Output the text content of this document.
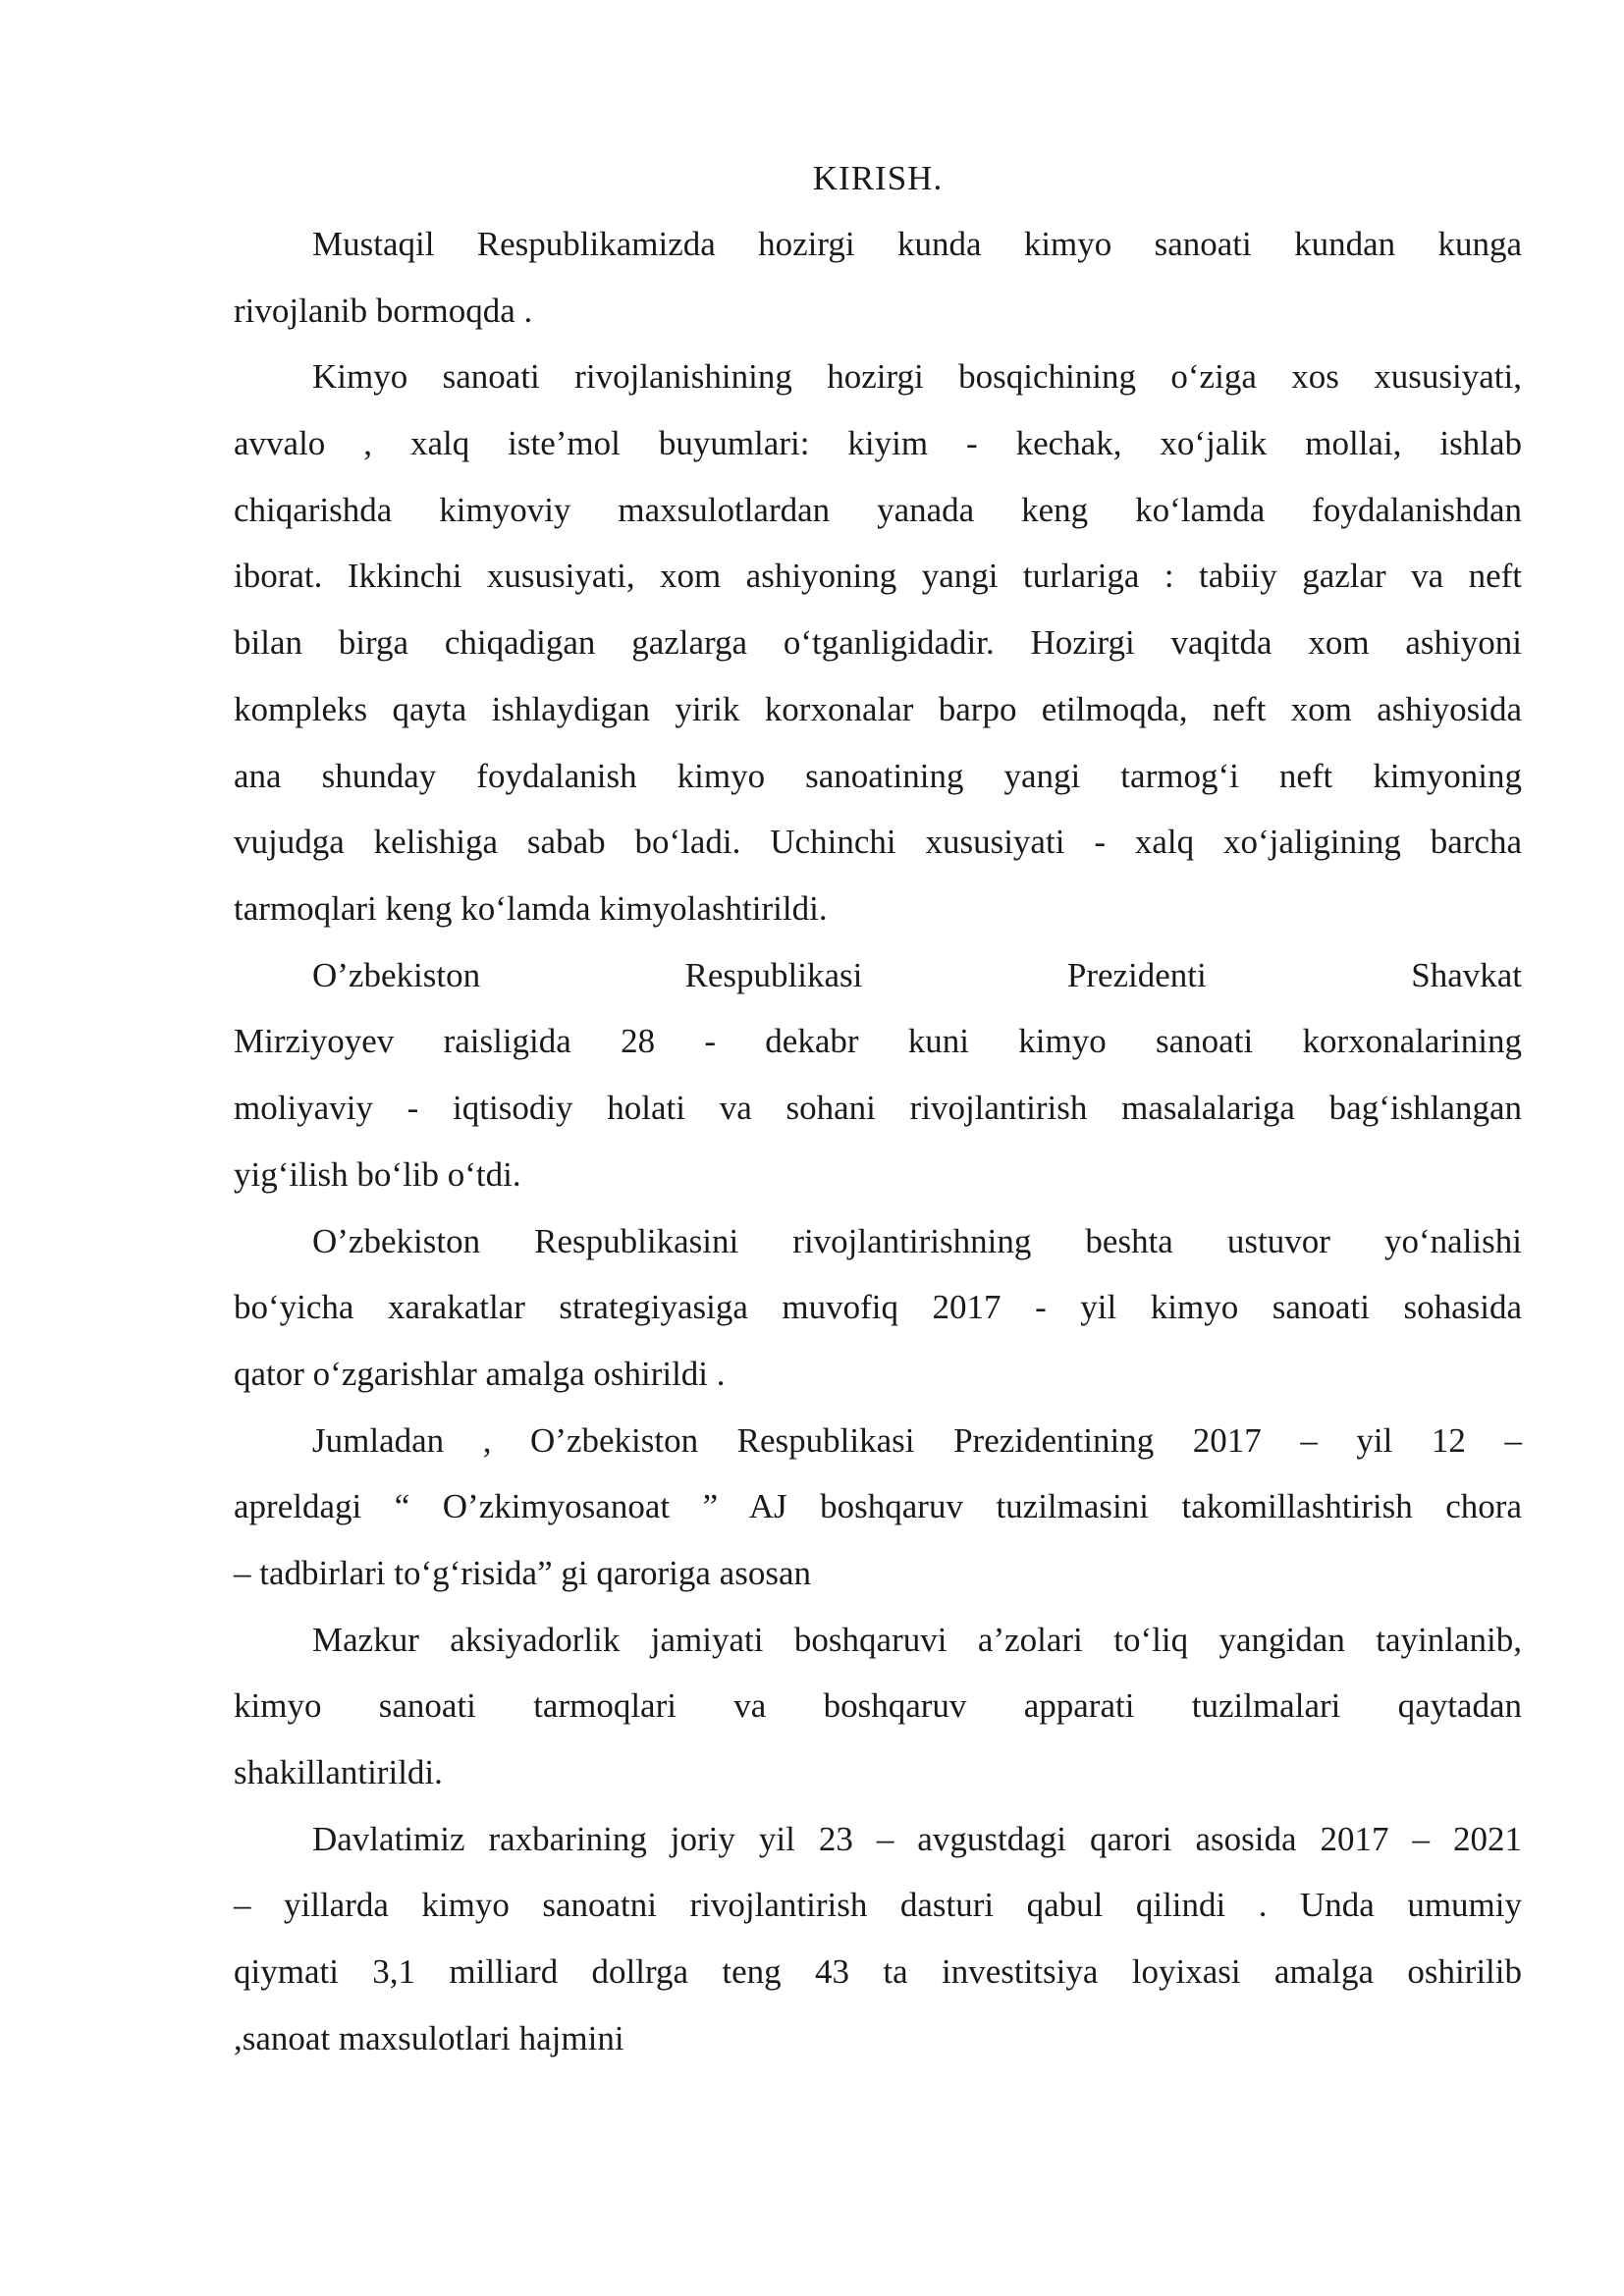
KIRISH.
Mustaqil Respublikamizda hozirgi kunda kimyo sanoati kundan kunga
rivojlanib bormoqda .
Kimyo sanoati rivojlanishining hozirgi bosqichining o‘ziga xos xususiyati,
avvalo , xalq iste’mol buyumlari: kiyim - kechak, xo‘jalik mollai, ishlab
chiqarishda kimyoviy maxsulotlardan yanada keng ko‘lamda foydalanishdan
iborat. Ikkinchi xususiyati, xom ashiyoning yangi turlariga : tabiiy gazlar va neft
bilan birga chiqadigan gazlarga o‘tganligidadir. Hozirgi vaqitda xom ashiyoni
kompleks qayta ishlaydigan yirik korxonalar barpo etilmoqda, neft xom ashiyosida
ana shunday foydalanish kimyo sanoatining yangi tarmog‘i neft kimyoning
vujudga kelishiga sabab bo‘ladi. Uchinchi xususiyati - xalq xo‘jaligining barcha
tarmoqlari keng ko‘lamda kimyolashtirildi.
O’zbekiston Respublikasi Prezidenti Shavkat
Mirziyoyev raisligida 28 - dekabr kuni kimyo sanoati korxonalarining
moliyaviy - iqtisodiy holati va sohani rivojlantirish masalalariga bag‘ishlangan
yig‘ilish bo‘lib o‘tdi.
O’zbekiston Respublikasini rivojlantirishning beshta ustuvor yo‘nalishi
bo‘yicha xarakatlar strategiyasiga muvofiq 2017 - yil kimyo sanoati sohasida
qator o‘zgarishlar amalga oshirildi .
Jumladan , O’zbekiston Respublikasi Prezidentining 2017 – yil 12 –
apreldagi “ O’zkimyosanoat ” AJ boshqaruv tuzilmasini takomillashtirish chora
– tadbirlari to‘g‘risida” gi qaroriga asosan
Mazkur aksiyadorlik jamiyati boshqaruvi a’zolari to‘liq yangidan tayinlanib,
kimyo sanoati tarmoqlari va boshqaruv apparati tuzilmalari qaytadan
shakillantirildi.
Davlatimiz raxbarining joriy yil 23 – avgustdagi qarori asosida 2017 – 2021
– yillarda kimyo sanoatni rivojlantirish dasturi qabul qilindi . Unda umumiy
qiymati 3,1 milliard dollrga teng 43 ta investitsiya loyixasi amalga oshirilib
,sanoat maxsulotlari hajmini
